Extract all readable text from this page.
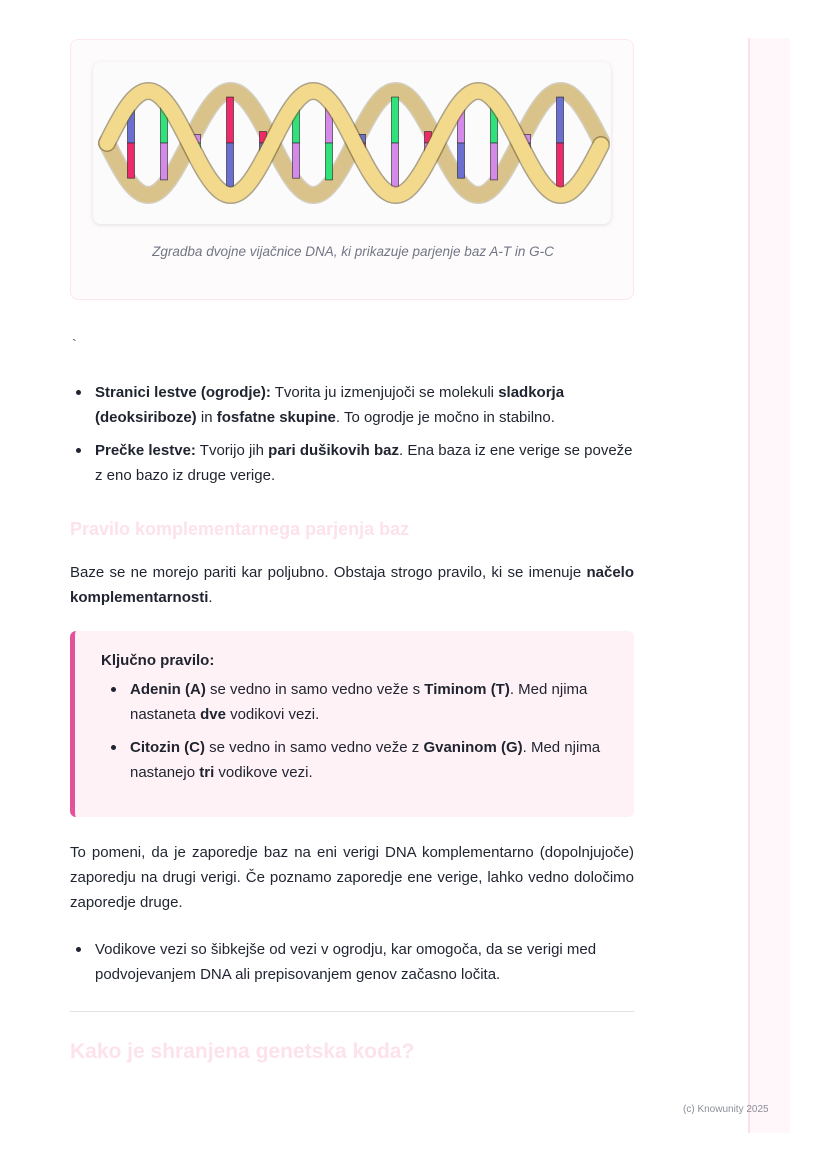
Zgradba dvojne vijačnice DNA, ki prikazuje parjenje baz A-T in G-C
`
Stranici lestve (ogrodje): Tvorita ju izmenjujoči se molekuli sladkorja (deoksiriboze) in fosfatne skupine. To ogrodje je močno in stabilno.
Prečke lestve: Tvorijo jih pari dušikovih baz. Ena baza iz ene verige se poveže z eno bazo iz druge verige.
Pravilo komplementarnega parjenja baz
Baze se ne morejo pariti kar poljubno. Obstaja strogo pravilo, ki se imenuje načelo komplementarnosti.
Ključno pravilo:
Adenin (A) se vedno in samo vedno veže s Timinom (T). Med njima nastaneta dve vodikovi vezi.
Citozin (C) se vedno in samo vedno veže z Gvaninom (G). Med njima nastanejo tri vodikove vezi.
To pomeni, da je zaporedje baz na eni verigi DNA komplementarno (dopolnjujoče) zaporedju na drugi verigi. Če poznamo zaporedje ene verige, lahko vedno določimo zaporedje druge.
Vodikove vezi so šibkejše od vezi v ogrodju, kar omogoča, da se verigi med podvojevanjem DNA ali prepisovanjem genov začasno ločita.
Kako je shranjena genetska koda?
(c) Knowunity 2025
